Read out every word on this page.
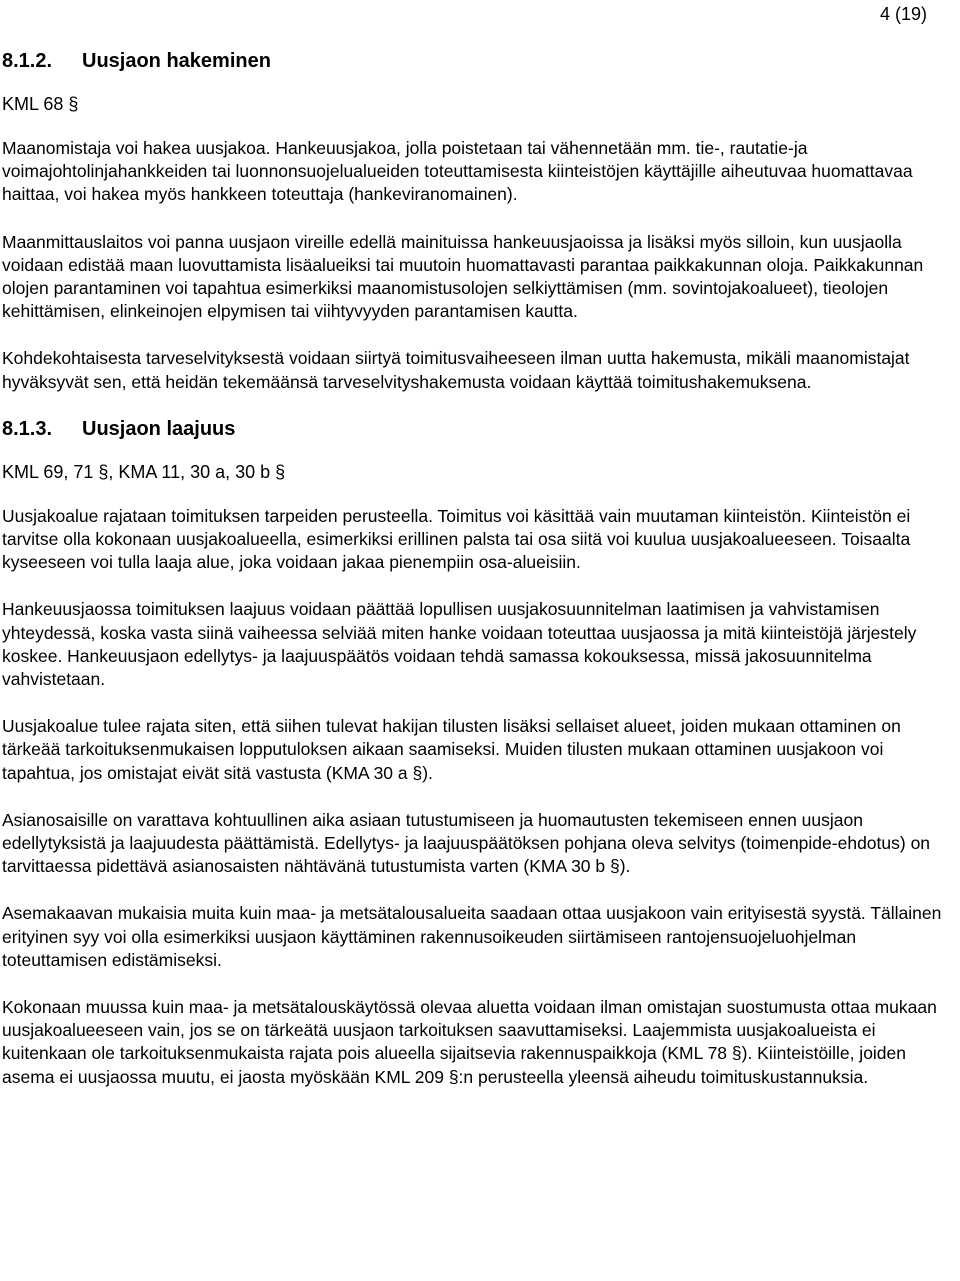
4 (19)
8.1.2. Uusjaon hakeminen
KML 68 §

Maanomistaja voi hakea uusjakoa. Hankeuusjakoa, jolla poistetaan tai vähennetään mm. tie-, rautatie-ja voimajohtolinjahankkeiden tai luonnonsuojelualueiden toteuttamisesta kiinteistöjen käyttäjille aiheutuvaa huomattavaa haittaa, voi hakea myös hankkeen toteuttaja (hankeviranomainen).

Maanmittauslaitos voi panna uusjaon vireille edellä mainituissa hankeuusjaoissa ja lisäksi myös silloin, kun uusjaolla voidaan edistää maan luovuttamista lisäalueiksi tai muutoin huomattavasti parantaa paikkakunnan oloja. Paikkakunnan olojen parantaminen voi tapahtua esimerkiksi maanomistusolojen selkiyttämisen (mm. sovintojakoalueet), tieolojen kehittämisen, elinkeinojen elpymisen tai viihtyvyyden parantamisen kautta.

Kohdekohtaisesta tarveselvityksestä voidaan siirtyä toimitusvaiheeseen ilman uutta hakemusta, mikäli maanomistajat hyväksyvät sen, että heidän tekemäänsä tarveselvityshakemusta voidaan käyttää toimitushakemuksena.

8.1.3. Uusjaon laajuus
KML 69, 71 §, KMA 11, 30 a, 30 b §

Uusjakoalue rajataan toimituksen tarpeiden perusteella. Toimitus voi käsittää vain muutaman kiinteistön. Kiinteistön ei tarvitse olla kokonaan uusjakoalueella, esimerkiksi erillinen palsta tai osa siitä voi kuulua uusjakoalueeseen. Toisaalta kyseeseen voi tulla laaja alue, joka voidaan jakaa pienempiin osa-alueisiin.

Hankeuusjaossa toimituksen laajuus voidaan päättää lopullisen uusjakosuunnitelman laatimisen ja vahvistamisen yhteydessä, koska vasta siinä vaiheessa selviää miten hanke voidaan toteuttaa uusjaossa ja mitä kiinteistöjä järjestely koskee. Hankeuusjaon edellytys- ja laajuuspäätös voidaan tehdä samassa kokouksessa, missä jakosuunnitelma vahvistetaan.

Uusjakoalue tulee rajata siten, että siihen tulevat hakijan tilusten lisäksi sellaiset alueet, joiden mukaan ottaminen on tärkeää tarkoituksenmukaisen lopputuloksen aikaan saamiseksi. Muiden tilusten mukaan ottaminen uusjakoon voi tapahtua, jos omistajat eivät sitä vastusta (KMA 30 a §).

Asianosaisille on varattava kohtuullinen aika asiaan tutustumiseen ja huomautusten tekemiseen ennen uusjaon edellytyksistä ja laajuudesta päättämistä. Edellytys- ja laajuuspäätöksen pohjana oleva selvitys (toimenpide-ehdotus) on tarvittaessa pidettävä asianosaisten nähtävänä tutustumista varten (KMA 30 b §).

Asemakaavan mukaisia muita kuin maa- ja metsätalousalueita saadaan ottaa uusjakoon vain erityisestä syystä. Tällainen erityinen syy voi olla esimerkiksi uusjaon käyttäminen rakennusoikeuden siirtämiseen rantojensuojeluohjelman toteuttamisen edistämiseksi.

Kokonaan muussa kuin maa- ja metsätalouskäytössä olevaa aluetta voidaan ilman omistajan suostumusta ottaa mukaan uusjakoalueeseen vain, jos se on tärkeätä uusjaon tarkoituksen saavuttamiseksi. Laajemmista uusjakoalueista ei kuitenkaan ole tarkoituksenmukaista rajata pois alueella sijaitsevia rakennuspaikkoja (KML 78 §). Kiinteistöille, joiden asema ei uusjaossa muutu, ei jaosta myöskään KML 209 §:n perusteella yleensä aiheudu toimituskustannuksia.
